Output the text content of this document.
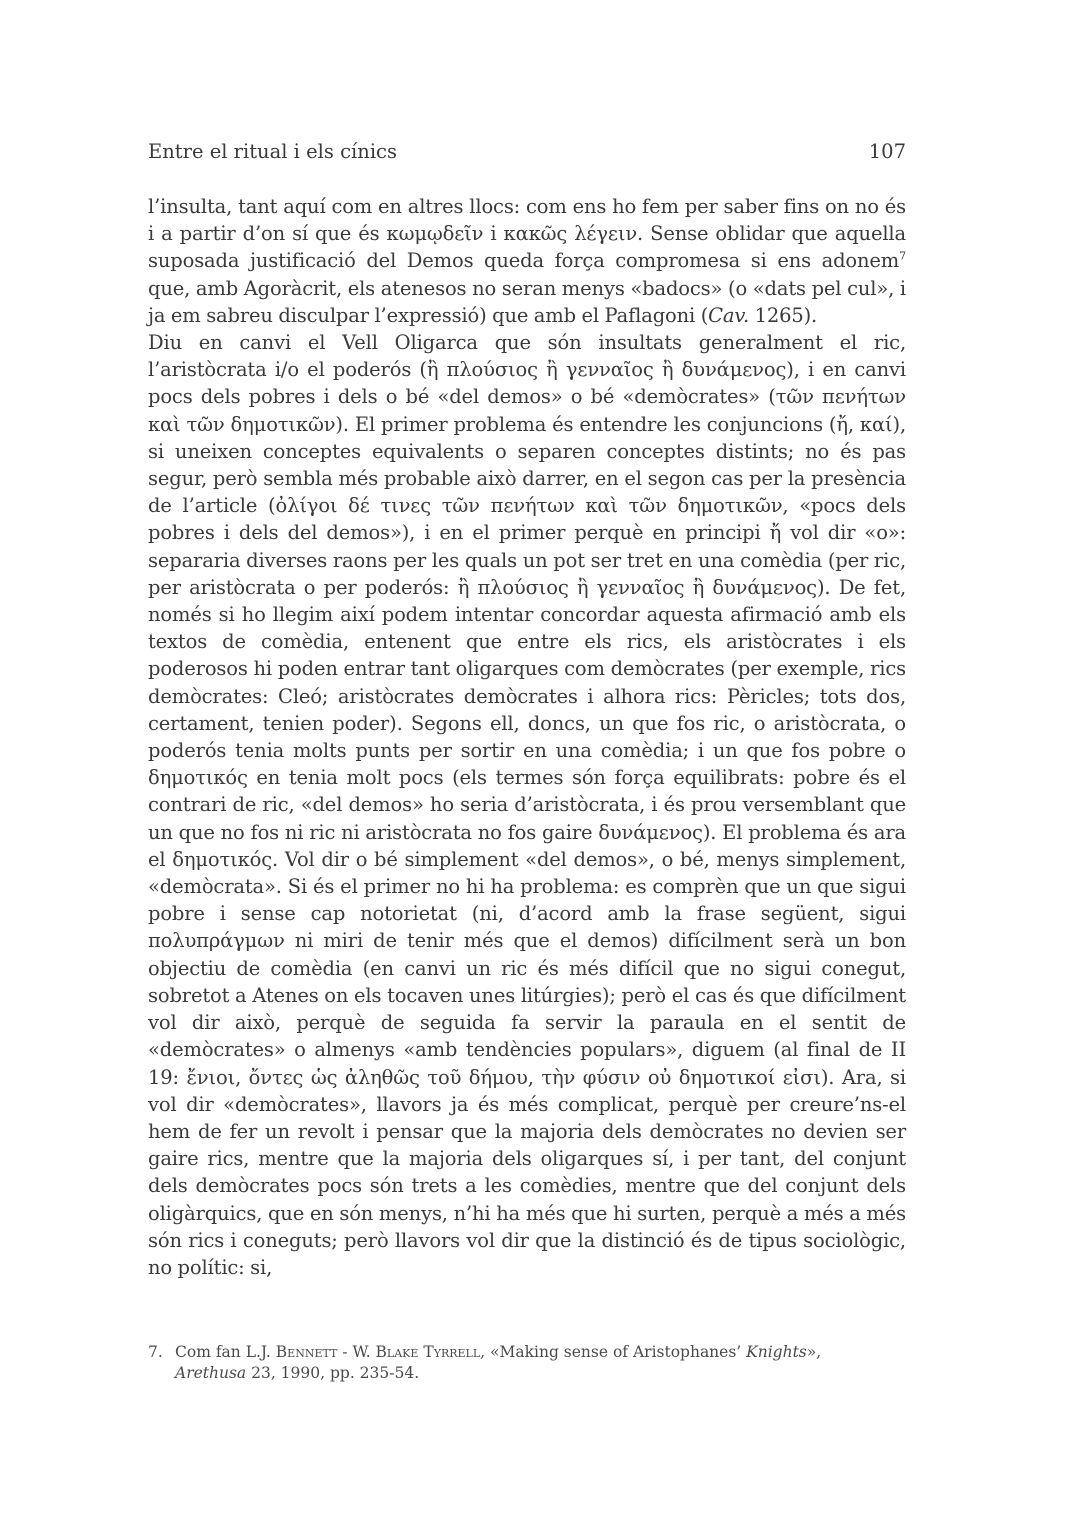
Entre el ritual i els cínics	107

l’insulta, tant aquí com en altres llocs: com ens ho fem per saber fins on no és i a partir d’on sí que és κωμῳδεῖν i κακῶς λέγειν. Sense oblidar que aquella suposada justificació del Demos queda força compromesa si ens adonem$^7$ que, amb Agoràcrit, els atenesos no seran menys «badocs» (o «dats pel cul», i ja em sabreu disculpar l’expressió) que amb el Paflagoni (Cav. 1265).

Diu en canvi el Vell Oligarca que són insultats generalment el ric, l’aristòcrata i/o el poderós (ἢ πλούσιος ἢ γενναῖος ἢ δυνάμενος), i en canvi pocs dels pobres i dels o bé «del demos» o bé «demòcrates» (τῶν πενήτων καὶ τῶν δημοτικῶν). El primer problema és entendre les conjuncions (ἤ, καί), si uneixen conceptes equivalents o separen conceptes distints; no és pas segur, però sembla més probable això darrer, en el segon cas per la presència de l’article (ὀλίγοι δέ τινες τῶν πενήτων καὶ τῶν δημοτικῶν, «pocs dels pobres i dels del demos»), i en el primer perquè en principi ἤ vol dir «o»: separaria diverses raons per les quals un pot ser tret en una comèdia (per ric, per aristòcrata o per poderós: ἢ πλούσιος ἢ γενναῖος ἢ δυνάμενος). De fet, només si ho llegim així podem intentar concordar aquesta afirmació amb els textos de comèdia, entenent que entre els rics, els aristòcrates i els poderosos hi poden entrar tant oligarques com demòcrates (per exemple, rics demòcrates: Cleó; aristòcrates demòcrates i alhora rics: Pèricles; tots dos, certament, tenien poder). Segons ell, doncs, un que fos ric, o aristòcrata, o poderós tenia molts punts per sortir en una comèdia; i un que fos pobre o δημοτικός en tenia molt pocs (els termes són força equilibrats: pobre és el contrari de ric, «del demos» ho seria d’aristòcrata, i és prou versemblant que un que no fos ni ric ni aristòcrata no fos gaire δυνάμενος). El problema és ara el δημοτικός. Vol dir o bé simplement «del demos», o bé, menys simplement, «demòcrata». Si és el primer no hi ha problema: es comprèn que un que sigui pobre i sense cap notorietat (ni, d’acord amb la frase següent, sigui πολυπράγμων ni miri de tenir més que el demos) difícilment serà un bon objectiu de comèdia (en canvi un ric és més difícil que no sigui conegut, sobretot a Atenes on els tocaven unes litúrgies); però el cas és que difícilment vol dir això, perquè de seguida fa servir la paraula en el sentit de «demòcrates» o almenys «amb tendències populars», diguem (al final de II 19: ἔνιοι, ὄντες ὡς ἀληθῶς τοῦ δήμου, τὴν φύσιν οὐ δημοτικοί εἰσι). Ara, si vol dir «demòcrates», llavors ja és més complicat, perquè per creure’ns-el hem de fer un revolt i pensar que la majoria dels demòcrates no devien ser gaire rics, mentre que la majoria dels oligarques sí, i per tant, del conjunt dels demòcrates pocs són trets a les comèdies, mentre que del conjunt dels oligàrquics, que en són menys, n’hi ha més que hi surten, perquè a més a més són rics i coneguts; però llavors vol dir que la distinció és de tipus sociològic, no polític: si,

7. Com fan L.J. Bennett - W. Blake Tyrrell, «Making sense of Aristophanes’ Knights»,
Arethusa 23, 1990, pp. 235-54.
